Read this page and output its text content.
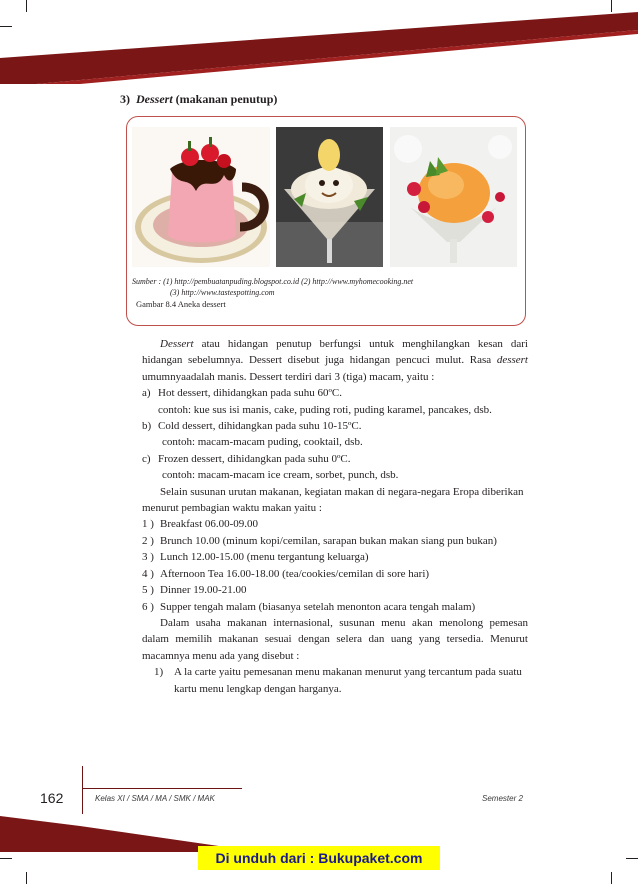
3) Dessert (makanan penutup)
Sumber : (1) http://pembuatanpuding.blogspot.co.id (2) http://www.myhomecooking.net
(3) http://www.tastespotting.com
Gambar 8.4 Aneka dessert

Dessert atau hidangan penutup berfungsi untuk menghilangkan kesan dari hidangan sebelumnya. Dessert disebut juga hidangan pencuci mulut. Rasa dessert umumnyaadalah manis. Dessert terdiri dari 3 (tiga) macam, yaitu :

a) Hot dessert, dihidangkan pada suhu 60ºC.

contoh: kue sus isi manis, cake, puding roti, puding karamel, pancakes, dsb.

b) Cold dessert, dihidangkan pada suhu 10-15ºC.

contoh: macam-macam puding, cooktail, dsb.

c) Frozen dessert, dihidangkan pada suhu 0ºC.

contoh: macam-macam ice cream, sorbet, punch, dsb.

Selain susunan urutan makanan, kegiatan makan di negara-negara Eropa diberikan menurut pembagian waktu makan yaitu :

1 ) Breakfast 06.00-09.00
2 ) Brunch 10.00 (minum kopi/cemilan, sarapan bukan makan siang pun bukan)
3 ) Lunch 12.00-15.00 (menu tergantung keluarga)
4 ) Afternoon Tea 16.00-18.00 (tea/cookies/cemilan di sore hari)
5 ) Dinner 19.00-21.00
6 ) Supper tengah malam (biasanya setelah menonton acara tengah malam)

Dalam usaha makanan internasional, susunan menu akan menolong pemesan dalam memilih makanan sesuai dengan selera dan uang yang tersedia. Menurut macamnya menu ada yang disebut :

1) A la carte yaitu pemesanan menu makanan menurut yang tercantum pada suatu kartu menu lengkap dengan harganya.
162	Kelas XI / SMA / MA / SMK / MAK	Semester 2
Di unduh dari : Bukupaket.com
